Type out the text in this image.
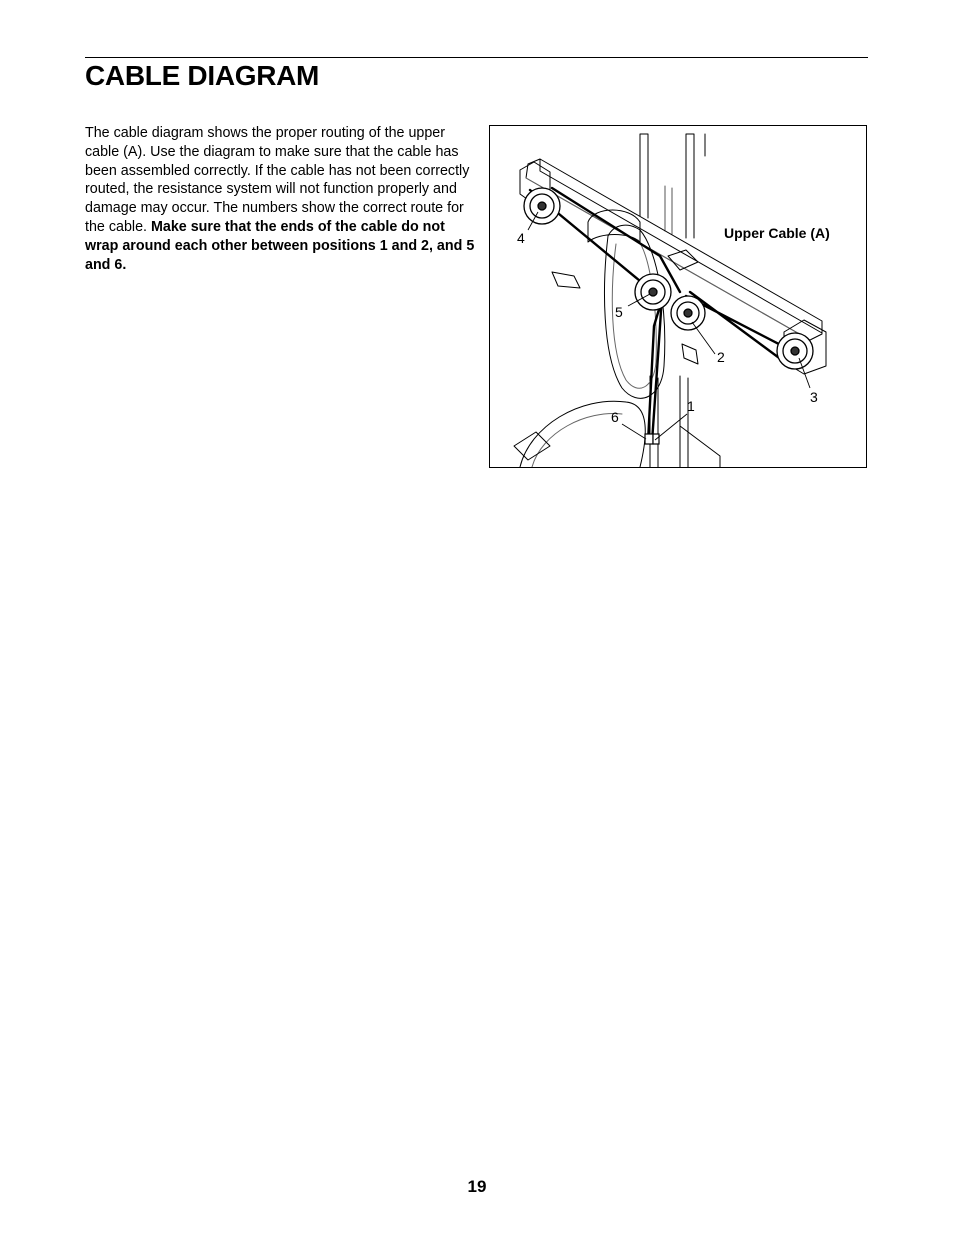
CABLE DIAGRAM

The cable diagram shows the proper routing of the upper cable (A). Use the diagram to make sure that the cable has been assembled correctly. If the cable has not been correctly routed, the resistance system will not function properly and damage may occur. The numbers show the correct route for the cable. Make sure that the ends of the cable do not wrap around each other between positions 1 and 2, and 5 and 6.

Upper Cable (A)
4
5
2
3
1
6
19
